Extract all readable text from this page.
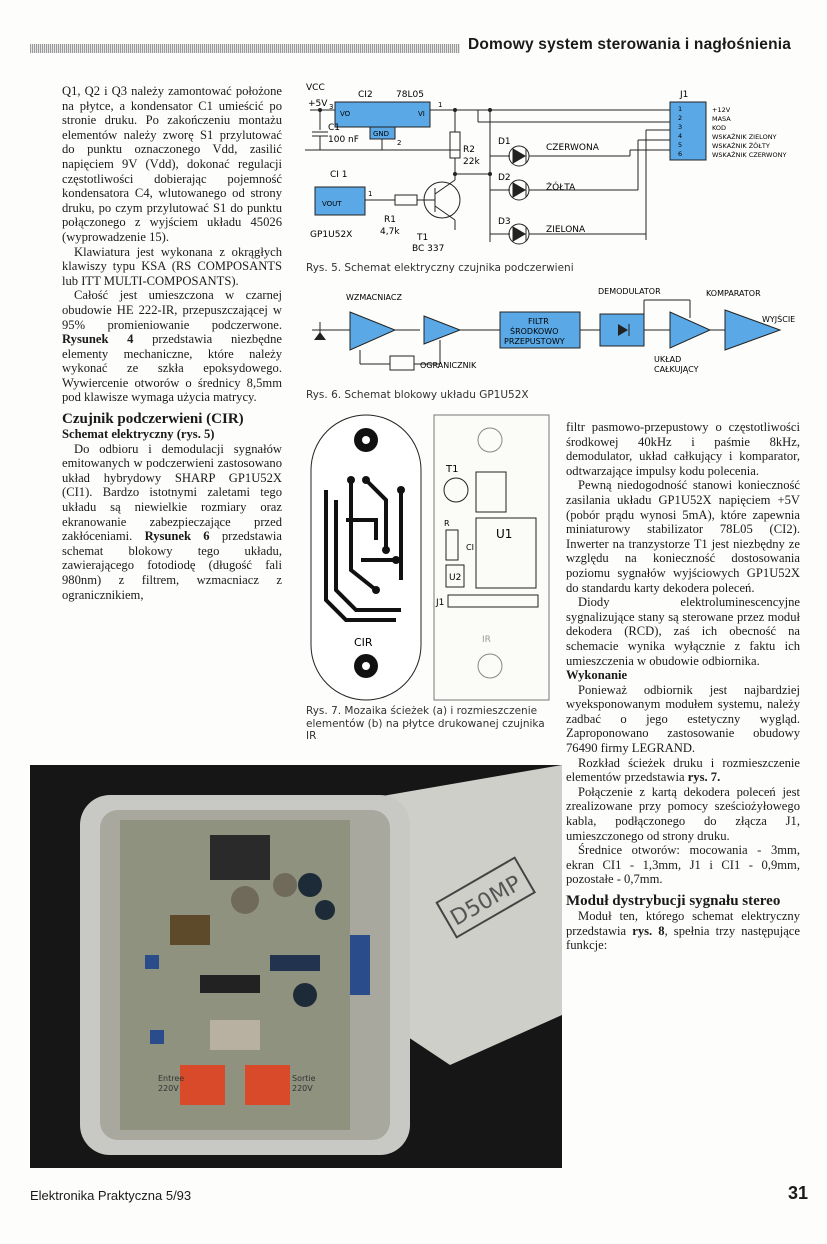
Domowy system sterowania i nagłośnienia

Q1, Q2 i Q3 należy zamontować położone na płytce, a kondensator C1 umieścić po stronie druku. Po zakończeniu montażu elementów należy zworę S1 przylutować do punktu oznaczonego Vdd, zasilić napięciem 9V (Vdd), dokonać regulacji częstotliwości dobierając pojemność kondensatora C4, wlutowanego od strony druku, po czym przylutować S1 do punktu połączonego z wyjściem układu 45026 (wyprowadzenie 15).

Klawiatura jest wykonana z okrągłych klawiszy typu KSA (RS COMPOSANTS lub ITT MULTI-COMPOSANTS).

Całość jest umieszczona w czarnej obudowie HE 222-IR, przepuszczającej w 95% promieniowanie podczerwone. Rysunek 4 przedstawia niezbędne elementy mechaniczne, które należy wykonać ze szkła epoksydowego. Wywiercenie otworów o średnicy 8,5mm pod klawisze wymaga użycia matrycy.

Czujnik podczerwieni (CIR)
Schemat elektryczny (rys. 5)

Do odbioru i demodulacji sygnałów emitowanych w podczerwieni zastosowano układ hybrydowy SHARP GP1U52X (CI1). Bardzo istotnymi zaletami tego układu są niewielkie rozmiary oraz ekranowanie zabezpieczające przed zakłóceniami. Rysunek 6 przedstawia schemat blokowy tego układu, zawierającego fotodiodę (długość fali 980nm) z filtrem, wzmacniacz z ogranicznikiem,

VCC
+5V 3
CI2	78L05
VO	VI
1
GND
2
C1
100 nF
R2
22k
CI 1
VOUT
1
GP1U52X
R1
4,7k
T1
BC 337
D1
D2
D3
CZERWONA
ŻÓŁTA
ZIELONA
J1
1
2
3
4
5
6
+12V
MASA
KOD
WSKAŹNIK ZIELONY
WSKAŹNIK ŻÓŁTY
WSKAŹNIK CZERWONY
Rys. 5. Schemat elektryczny czujnika podczerwieni
WZMACNIACZ
FILTR
ŚRODKOWO
PRZEPUSTOWY
DEMODULATOR	KOMPARATOR
WYJŚCIE
OGRANICZNIK
UKŁAD
CAŁKUJĄCY
Rys. 6. Schemat blokowy układu GP1U52X
CIR
T1
U1
R
CI
U2
J1
IR
Rys. 7. Mozaika ścieżek (a) i rozmieszczenie elementów (b) na płytce drukowanej czujnika IR

filtr pasmowo-przepustowy o częstotliwości środkowej 40kHz i paśmie 8kHz, demodulator, układ całkujący i komparator, odtwarzające impulsy kodu polecenia.

Pewną niedogodność stanowi konieczność zasilania układu GP1U52X napięciem +5V (pobór prądu wynosi 5mA), które zapewnia miniaturowy stabilizator 78L05 (CI2). Inwerter na tranzystorze T1 jest niezbędny ze względu na konieczność dostosowania poziomu sygnałów wyjściowych GP1U52X do standardu karty dekodera poleceń.

Diody elektroluminescencyjne sygnalizujące stany są sterowane przez moduł dekodera (RCD), zaś ich obecność na schemacie wynika wyłącznie z faktu ich umieszczenia w obudowie odbiornika.

Wykonanie

Ponieważ odbiornik jest najbardziej wyeksponowanym modułem systemu, należy zadbać o jego estetyczny wygląd. Zaproponowano zastosowanie obudowy 76490 firmy LEGRAND.

Rozkład ścieżek druku i rozmieszczenie elementów przedstawia rys. 7.

Połączenie z kartą dekodera poleceń jest zrealizowane przy pomocy sześciożyłowego kabla, podłączonego do złącza J1, umieszczonego od strony druku.

Średnice otworów: mocowania - 3mm, ekran CI1 - 1,3mm, J1 i CI1 - 0,9mm, pozostałe - 0,7mm.

Moduł dystrybucji sygnału stereo

Moduł ten, którego schemat elektryczny przedstawia rys. 8, spełnia trzy następujące funkcje:

D50MP
Entree
220V
Sortie
220V
Elektronika Praktyczna 5/93	31
